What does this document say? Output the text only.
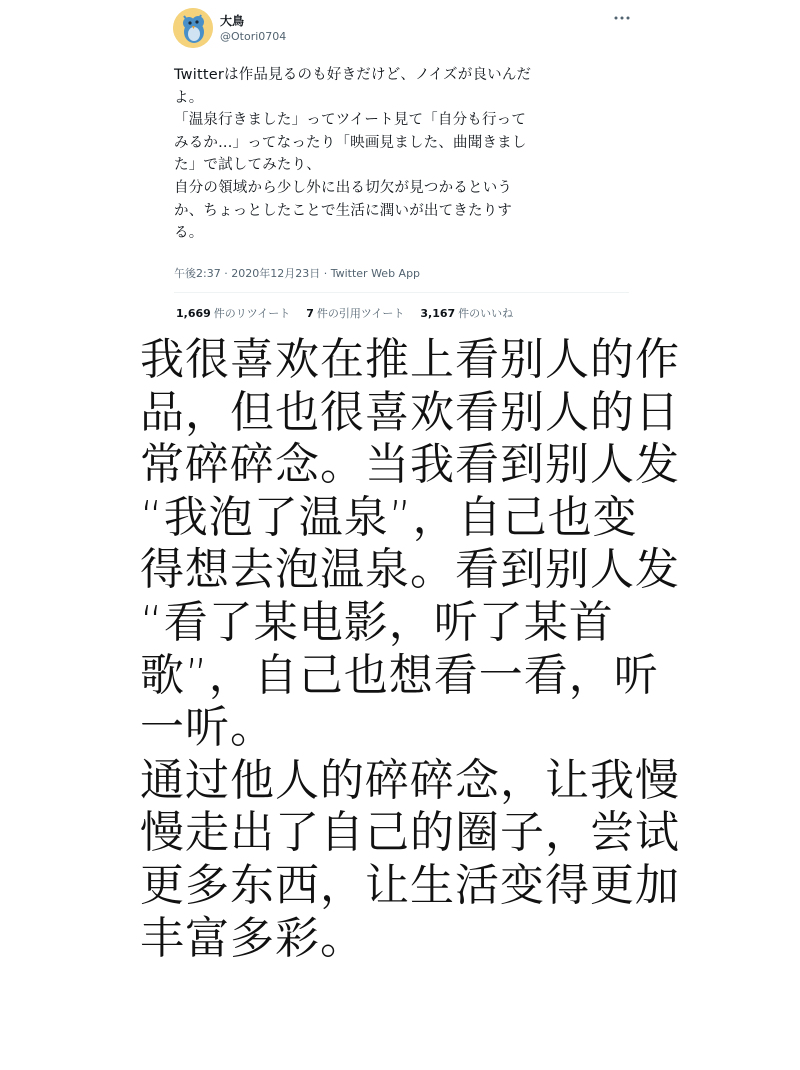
大鳥
@Otori0704
Twitterは作品見るのも好きだけど、ノイズが良いんだ
よ。
「温泉行きました」ってツイート見て「自分も行って
みるか...」ってなったり「映画見ました、曲聞きまし
た」で試してみたり、
自分の領域から少し外に出る切欠が見つかるという
か、ちょっとしたことで生活に潤いが出てきたりす
る。
午後2:37 · 2020年12月23日 · Twitter Web App
1,669 件のリツイート 7 件の引用ツイート 3,167 件のいいね
我很喜欢在推上看别人的作
品，但也很喜欢看别人的日
常碎碎念。当我看到别人发
“我泡了温泉”，自己也变
得想去泡温泉。看到别人发
“看了某电影，听了某首
歌”，自己也想看一看，听
一听。
通过他人的碎碎念，让我慢
慢走出了自己的圈子，尝试
更多东西，让生活变得更加
丰富多彩。
